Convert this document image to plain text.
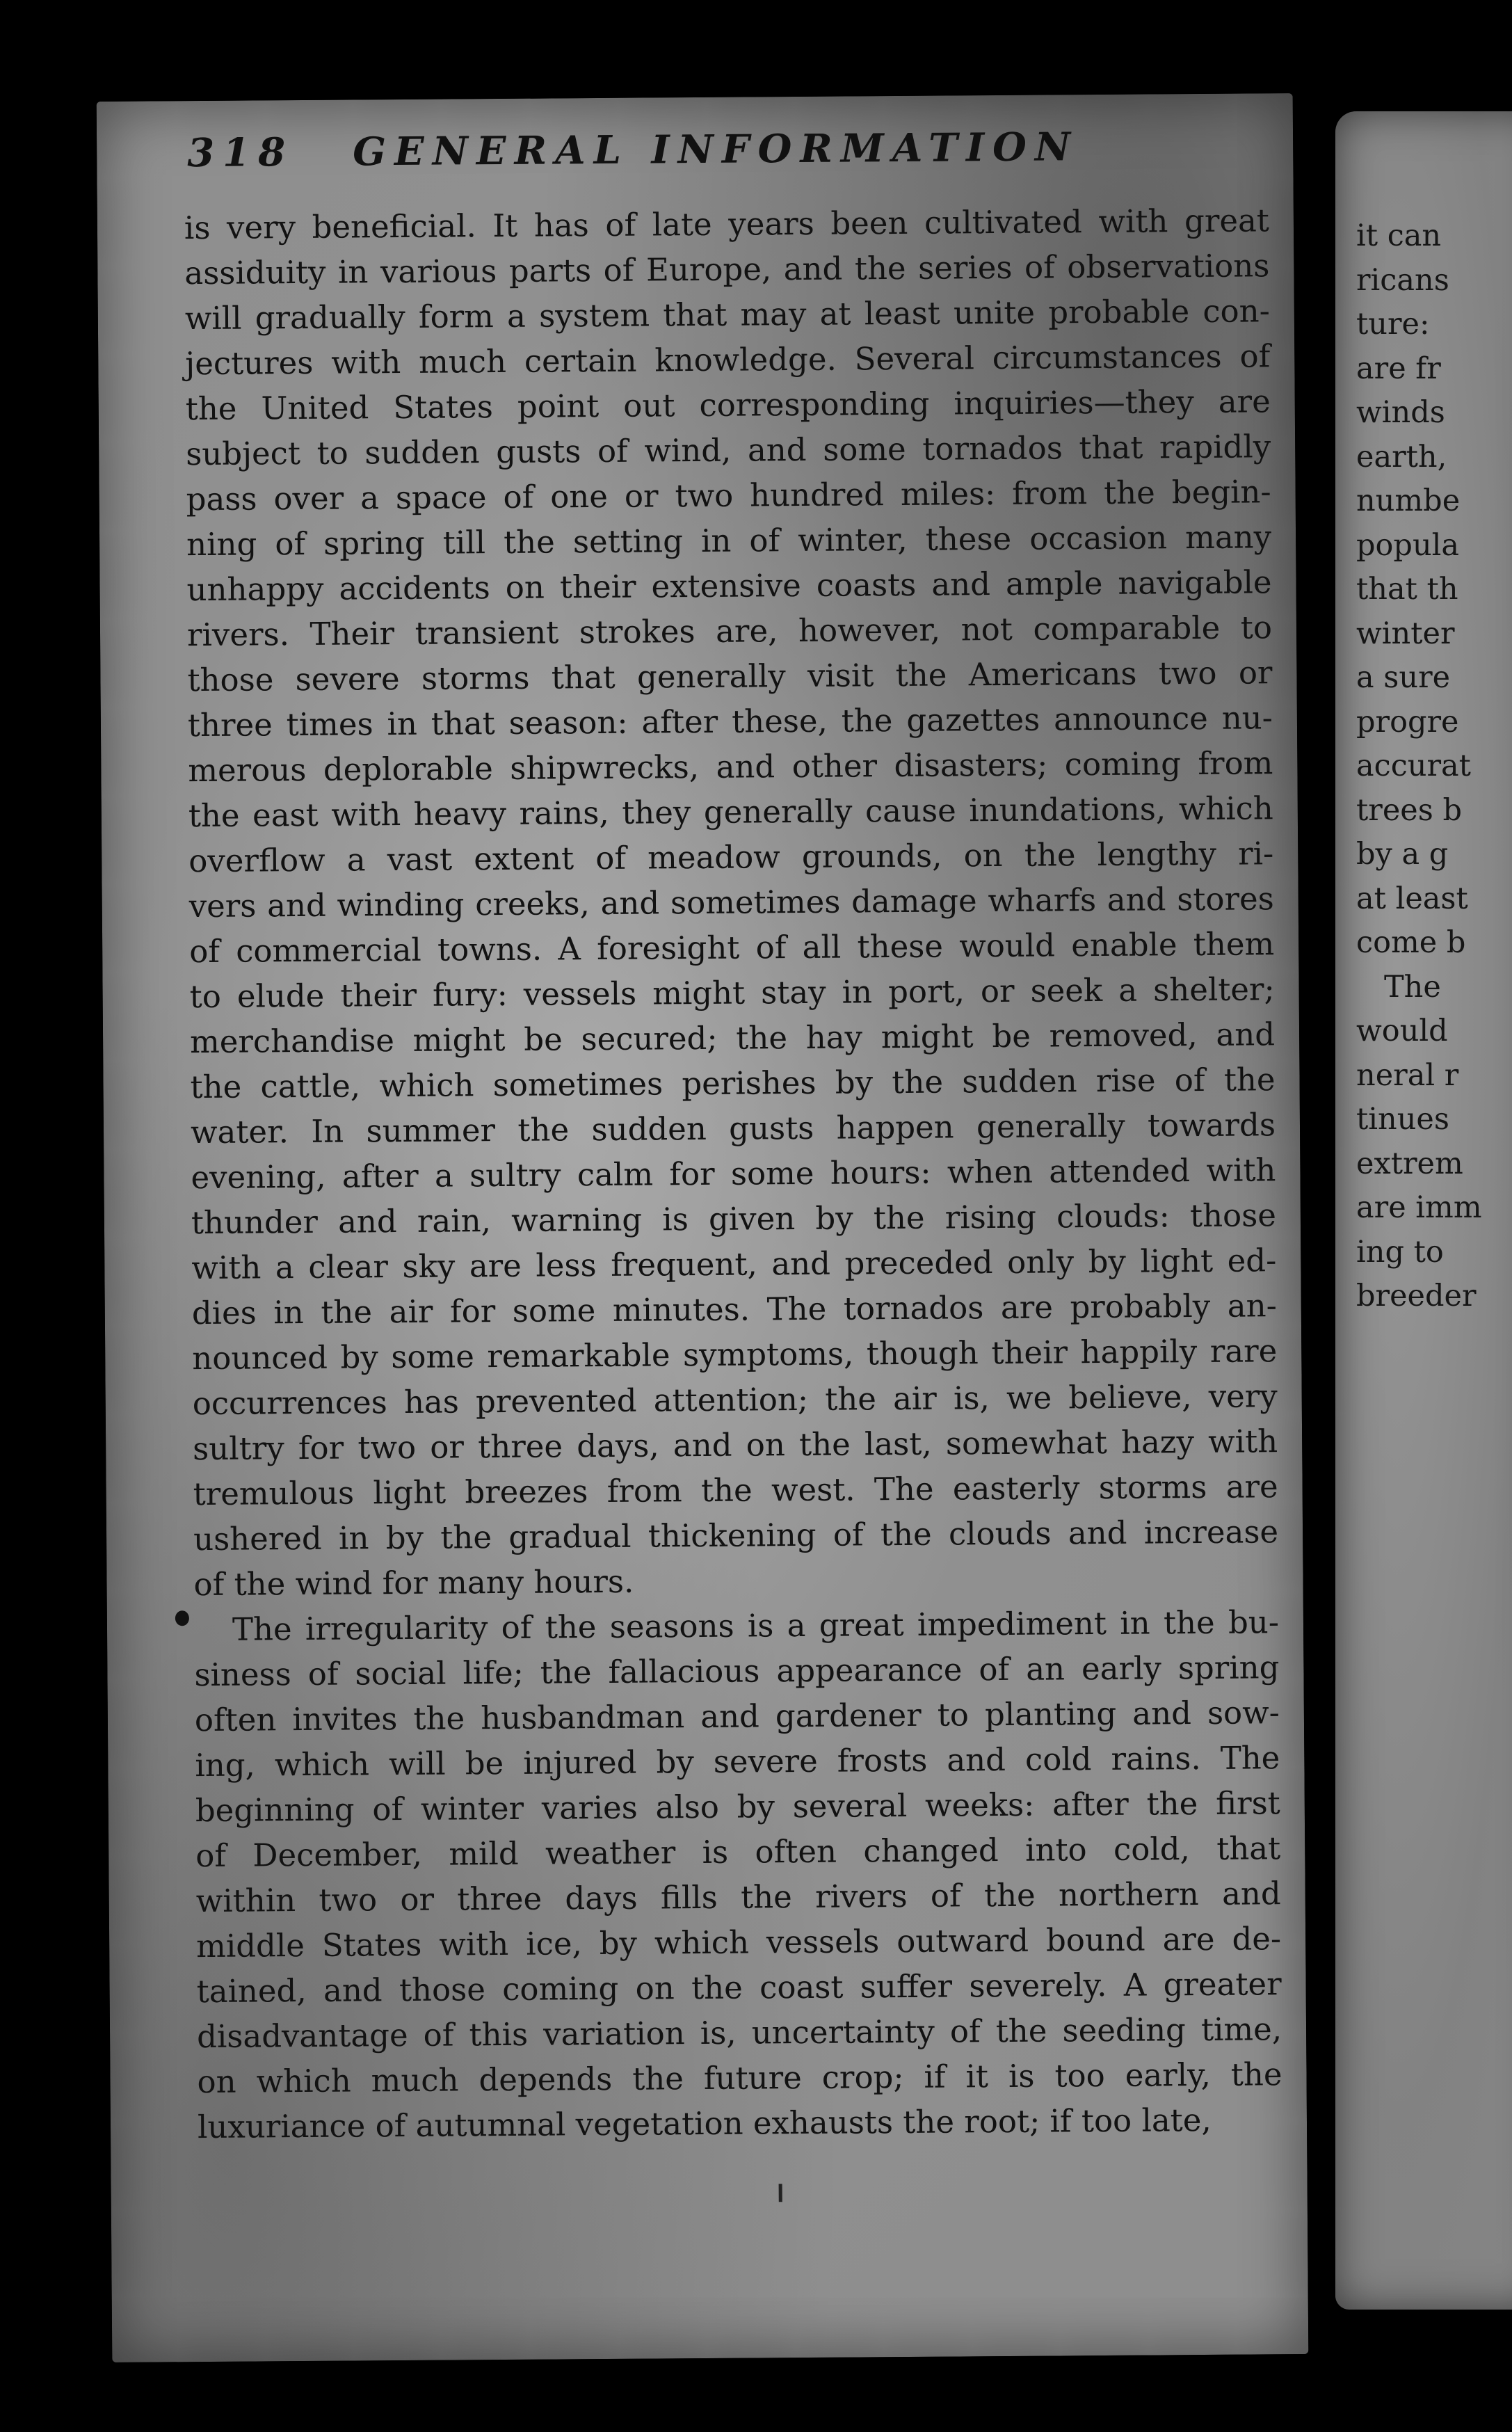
318 GENERAL INFORMATION
is very beneficial. It has of late years been cultivated with great
assiduity in various parts of Europe, and the series of observations
will gradually form a system that may at least unite probable con-
jectures with much certain knowledge. Several circumstances of
the United States point out corresponding inquiries—they are
subject to sudden gusts of wind, and some tornados that rapidly
pass over a space of one or two hundred miles: from the begin-
ning of spring till the setting in of winter, these occasion many
unhappy accidents on their extensive coasts and ample navigable
rivers. Their transient strokes are, however, not comparable to
those severe storms that generally visit the Americans two or
three times in that season: after these, the gazettes announce nu-
merous deplorable shipwrecks, and other disasters; coming from
the east with heavy rains, they generally cause inundations, which
overflow a vast extent of meadow grounds, on the lengthy ri-
vers and winding creeks, and sometimes damage wharfs and stores
of commercial towns. A foresight of all these would enable them
to elude their fury: vessels might stay in port, or seek a shelter;
merchandise might be secured; the hay might be removed, and
the cattle, which sometimes perishes by the sudden rise of the
water. In summer the sudden gusts happen generally towards
evening, after a sultry calm for some hours: when attended with
thunder and rain, warning is given by the rising clouds: those
with a clear sky are less frequent, and preceded only by light ed-
dies in the air for some minutes. The tornados are probably an-
nounced by some remarkable symptoms, though their happily rare
occurrences has prevented attention; the air is, we believe, very
sultry for two or three days, and on the last, somewhat hazy with
tremulous light breezes from the west. The easterly storms are
ushered in by the gradual thickening of the clouds and increase
of the wind for many hours.
The irregularity of the seasons is a great impediment in the bu-
siness of social life; the fallacious appearance of an early spring
often invites the husbandman and gardener to planting and sow-
ing, which will be injured by severe frosts and cold rains. The
beginning of winter varies also by several weeks: after the first
of December, mild weather is often changed into cold, that
within two or three days fills the rivers of the northern and
middle States with ice, by which vessels outward bound are de-
tained, and those coming on the coast suffer severely. A greater
disadvantage of this variation is, uncertainty of the seeding time,
on which much depends the future crop; if it is too early, the
luxuriance of autumnal vegetation exhausts the root; if too late,
it can
ricans
ture:
are fr
winds
earth,
numbe
popula
that th
winter
a sure
progre
accurat
trees b
by a g
at least
come b
The
would
neral r
tinues
extrem
are imm
ing to
breeder
